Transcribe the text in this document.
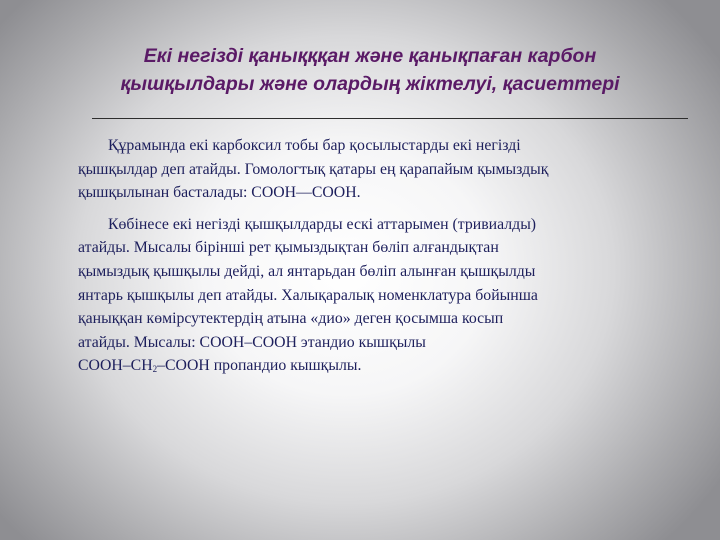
Екі негізді қанықққан және қанықпаған карбон
қышқылдары және олардың жіктелуі, қасиеттері

Құрамында екі карбоксил тобы бар қосылыстарды екі негізді
қышқылдар деп атайды. Гомологтық қатары ең қарапайым қымыздық
қышқылынан басталады: СООН—СООН.

Көбінесе екі негізді қышқылдарды ескі аттарымен (тривиалды)
атайды. Мысалы бірінші рет қымыздықтан бөліп алғандықтан
қымыздық қышқылы дейді, ал янтарьдан бөліп алынған қышқылды
янтарь қышқылы деп атайды. Халықаралық номенклатура бойынша
қаныққан көмірсутектердің атына «дио» деген қосымша косып
атайды. Мысалы: СООН–СООН этандио кышқылы
СООН–$СН_2$–СООН пропандио кышқылы.
